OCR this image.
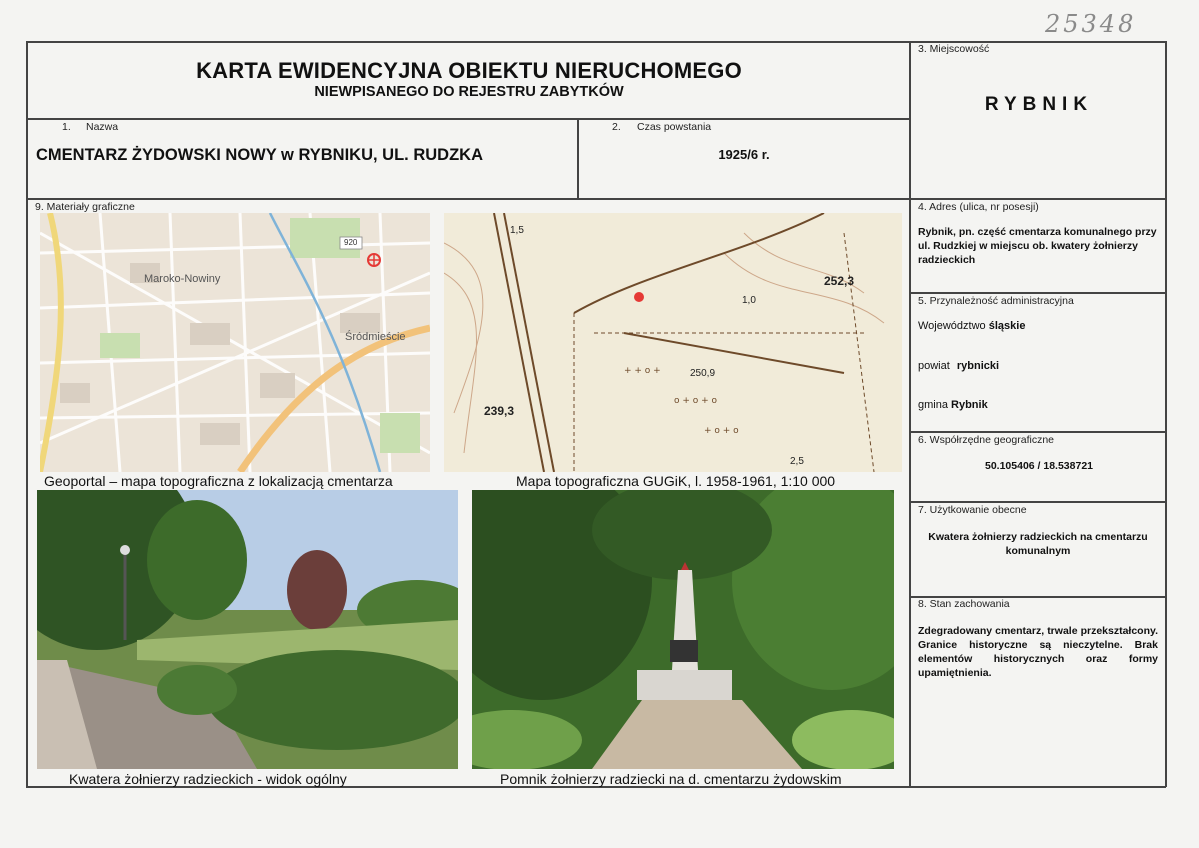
25348
KARTA EWIDENCYJNA OBIEKTU NIERUCHOMEGO
NIEWPISANEGO DO REJESTRU ZABYTKÓW
3. Miejscowość
RYBNIK
1. Nazwa
CMENTARZ ŻYDOWSKI NOWY w RYBNIKU, UL. RUDZKA
2. Czas powstania
1925/6 r.
9. Materiały graficzne	4. Adres (ulica, nr posesji)
Rybnik, pn. część cmentarza komunalnego przy ul. Rudzkiej w miejscu ob. kwatery żołnierzy radzieckich
5. Przynależność administracyjna
Województwo śląskie
powiat rybnicki
gmina Rybnik
6. Współrzędne geograficzne
50.105406 / 18.538721
7. Użytkowanie obecne
Kwatera żołnierzy radzieckich na cmentarzu komunalnym
8. Stan zachowania
Zdegradowany cmentarz, trwale przekształcony. Granice historyczne są nieczytelne. Brak elementów historycznych oraz formy upamiętnienia.
Maroko-Nowiny
Śródmieście
920
+ + o +
o + o + o
+ o + o
252,3
250,9
239,3
2,5
1,0
1,5
Geoportal – mapa topograficzna z lokalizacją cmentarza	Mapa topograficzna GUGiK, l. 1958-1961, 1:10 000
Kwatera żołnierzy radzieckich - widok ogólny	Pomnik żołnierzy radziecki na d. cmentarzu żydowskim
